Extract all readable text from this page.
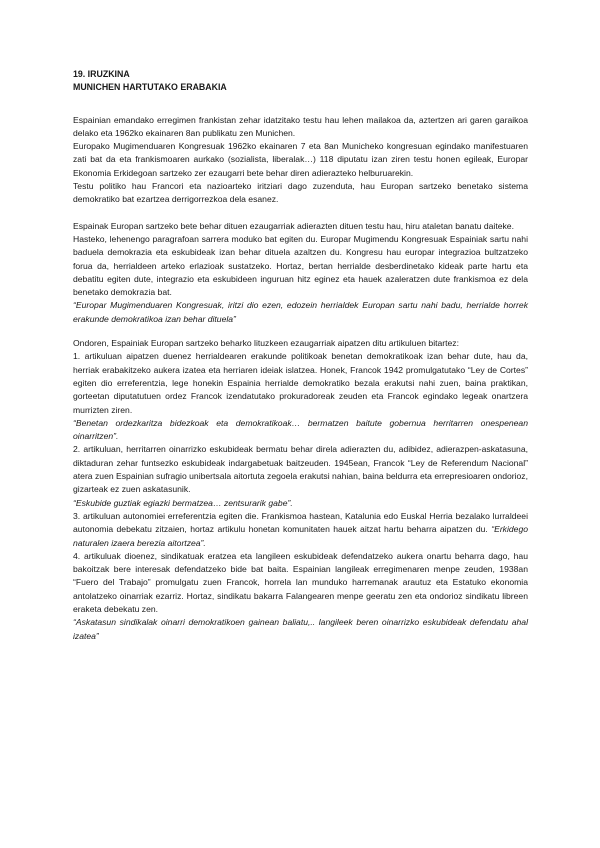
19. IRUZKINA
MUNICHEN HARTUTAKO ERABAKIA

Espainian emandako erregimen frankistan zehar idatzitako testu hau lehen mailakoa da, aztertzen ari garen garaikoa delako eta 1962ko ekainaren 8an publikatu zen Munichen.

Europako Mugimenduaren Kongresuak 1962ko ekainaren 7 eta 8an Municheko kongresuan egindako manifestuaren zati bat da eta frankismoaren aurkako (sozialista, liberalak…) 118 diputatu izan ziren testu honen egileak, Europar Ekonomia Erkidegoan sartzeko zer ezaugarri bete behar diren adierazteko helburuarekin.

Testu politiko hau Francori eta nazioarteko iritziari dago zuzenduta, hau Europan sartzeko benetako sistema demokratiko bat ezartzea derrigorrezkoa dela esanez.

Espainak Europan sartzeko bete behar dituen ezaugarriak adierazten dituen testu hau, hiru ataletan banatu daiteke.

Hasteko, lehenengo paragrafoan sarrera moduko bat egiten du. Europar Mugimendu Kongresuak Espainiak sartu nahi baduela demokrazia eta eskubideak izan behar dituela azaltzen du. Kongresu hau europar integrazioa bultzatzeko forua da, herrialdeen arteko erlazioak sustatzeko. Hortaz, bertan herrialde desberdinetako kideak parte hartu eta debatitu egiten dute, integrazio eta eskubideen inguruan hitz eginez eta hauek azaleratzen dute frankismoa ez dela benetako demokrazia bat.

“Europar Mugimenduaren Kongresuak, iritzi dio ezen, edozein herrialdek Europan sartu nahi badu, herrialde horrek erakunde demokratikoa izan behar dituela”

Ondoren, Espainiak Europan sartzeko beharko lituzkeen ezaugarriak aipatzen ditu artikuluen bitartez:

1. artikuluan aipatzen duenez herrialdearen erakunde politikoak benetan demokratikoak izan behar dute, hau da, herriak erabakitzeko aukera izatea eta herriaren ideiak islatzea. Honek, Francok 1942 promulgatutako “Ley de Cortes” egiten dio erreferentzia, lege honekin Espainia herrialde demokratiko bezala erakutsi nahi zuen, baina praktikan, gorteetan diputatutuen ordez Francok izendatutako prokuradoreak zeuden eta Francok egindako legeak onartzera murrizten ziren.

“Benetan ordezkaritza bidezkoak eta demokratikoak… bermatzen baitute gobernua herritarren onespenean oinarritzen”.

2. artikuluan, herritarren oinarrizko eskubideak bermatu behar direla adierazten du, adibidez, adierazpen-askatasuna, diktaduran zehar funtsezko eskubideak indargabetuak baitzeuden. 1945ean, Francok “Ley de Referendum Nacional” atera zuen Espainian sufragio unibertsala aitortuta zegoela erakutsi nahian, baina beldurra eta errepresioaren ondorioz, gizarteak ez zuen askatasunik.

“Eskubide guztiak egiazki bermatzea… zentsurarik gabe”.

3. artikuluan autonomiei erreferentzia egiten die. Frankismoa hastean, Katalunia edo Euskal Herria bezalako lurraldeei autonomia debekatu zitzaien, hortaz artikulu honetan komunitaten hauek aitzat hartu beharra aipatzen du. “Erkidego naturalen izaera berezia aitortzea”.

4. artikuluak dioenez, sindikatuak eratzea eta langileen eskubideak defendatzeko aukera onartu beharra dago, hau bakoitzak bere interesak defendatzeko bide bat baita. Espainian langileak erregimenaren menpe zeuden, 1938an “Fuero del Trabajo” promulgatu zuen Francok, horrela lan munduko harremanak arautuz eta Estatuko ekonomia antolatzeko oinarriak ezarriz. Hortaz, sindikatu bakarra Falangearen menpe geeratu zen eta ondorioz sindikatu libreen eraketa debekatu zen.

“Askatasun sindikalak oinarri demokratikoen gainean baliatu,.. langileek beren oinarrizko eskubideak defendatu ahal izatea”
